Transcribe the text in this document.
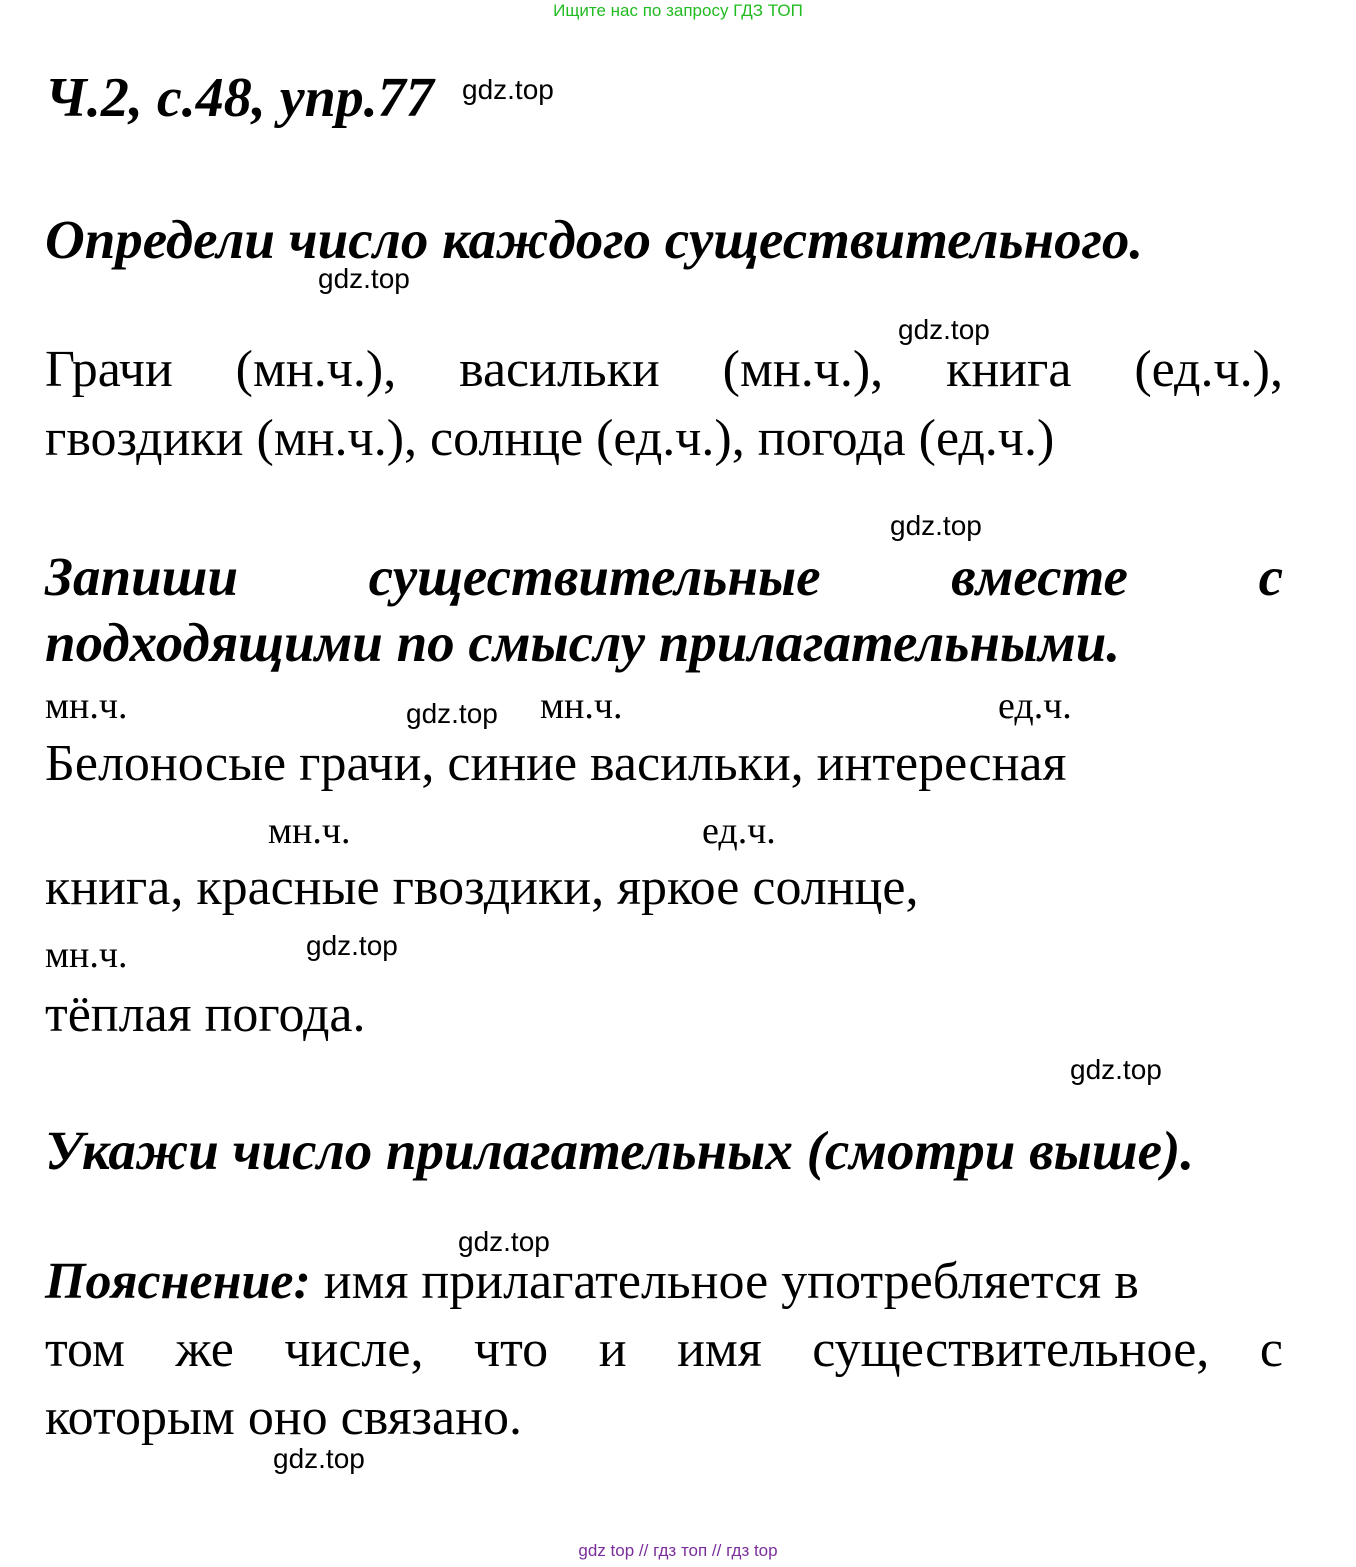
Ищите нас по запросу ГДЗ ТОП
Ч.2, с.48, упр.77 gdz.top
Определи число каждого существительного.
gdz.top
gdz.top
Грачи (мн.ч.), васильки (мн.ч.), книга (ед.ч.),
гвоздики (мн.ч.), солнце (ед.ч.), погода (ед.ч.)
gdz.top
Запиши существительные вместе с
подходящими по смыслу прилагательными.
мн.ч.	gdz.top мн.ч.	ед.ч.
Белоносые грачи, синие васильки, интересная
мн.ч.	ед.ч.
книга, красные гвоздики, яркое солнце,
мн.ч.	gdz.top
тёплая погода.
gdz.top
Укажи число прилагательных (смотри выше).
gdz.top
Пояснение: имя прилагательное употребляется в
том же числе, что и имя существительное, с
которым оно связано.
gdz.top
gdz top // гдз топ // гдз top
